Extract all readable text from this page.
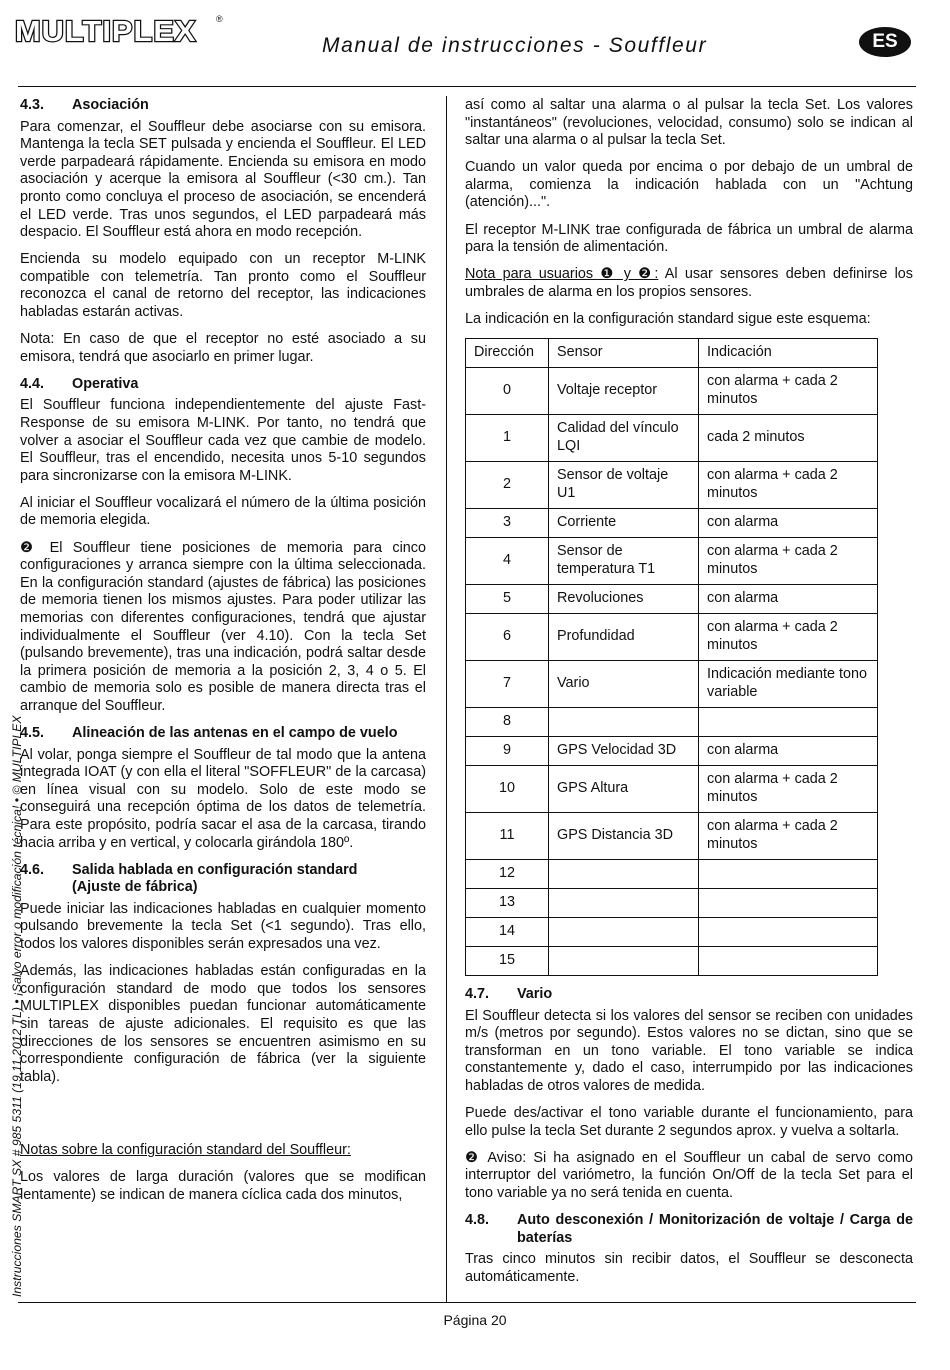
MULTIPLEX ®
Manual de instrucciones - Souffleur	ES
Instrucciones SMART SX # 985 5311 (19.11.2012 TL) • ¡Salvo error o modificación técnica! • © MULTIPLEX
4.3.	Asociación

Para comenzar, el Souffleur debe asociarse con su emisora. Mantenga la tecla SET pulsada y encienda el Souffleur. El LED verde parpadeará rápidamente. Encienda su emisora en modo asociación y acerque la emisora al Souffleur (<30 cm.). Tan pronto como concluya el proceso de asociación, se encenderá el LED verde. Tras unos segundos, el LED parpadeará más despacio. El Souffleur está ahora en modo recepción.

Encienda su modelo equipado con un receptor M-LINK compatible con telemetría. Tan pronto como el Souffleur reconozca el canal de retorno del receptor, las indicaciones habladas estarán activas.

Nota: En caso de que el receptor no esté asociado a su emisora, tendrá que asociarlo en primer lugar.

4.4.	Operativa

El Souffleur funciona independientemente del ajuste Fast-Response de su emisora M-LINK. Por tanto, no tendrá que volver a asociar el Souffleur cada vez que cambie de modelo. El Souffleur, tras el encendido, necesita unos 5-10 segundos para sincronizarse con la emisora M-LINK.

Al iniciar el Souffleur vocalizará el número de la última posición de memoria elegida.

❷ El Souffleur tiene posiciones de memoria para cinco configuraciones y arranca siempre con la última seleccionada. En la configuración standard (ajustes de fábrica) las posiciones de memoria tienen los mismos ajustes. Para poder utilizar las memorias con diferentes configuraciones, tendrá que ajustar individualmente el Souffleur (ver 4.10). Con la tecla Set (pulsando brevemente), tras una indicación, podrá saltar desde la primera posición de memoria a la posición 2, 3, 4 o 5. El cambio de memoria solo es posible de manera directa tras el arranque del Souffleur.

4.5.	Alineación de las antenas en el campo de vuelo

Al volar, ponga siempre el Souffleur de tal modo que la antena integrada IOAT (y con ella el literal "SOFFLEUR" de la carcasa) en línea visual con su modelo. Solo de este modo se conseguirá una recepción óptima de los datos de telemetría. Para este propósito, podría sacar el asa de la carcasa, tirando hacia arriba y en vertical, y colocarla girándola 180º.

4.6.	Salida hablada en configuración standard
(Ajuste de fábrica)

Puede iniciar las indicaciones habladas en cualquier momento pulsando brevemente la tecla Set (<1 segundo). Tras ello, todos los valores disponibles serán expresados una vez.

Además, las indicaciones habladas están configuradas en la configuración standard de modo que todos los sensores MULTIPLEX disponibles puedan funcionar automáticamente sin tareas de ajuste adicionales. El requisito es que las direcciones de los sensores se encuentren asimismo en su correspondiente configuración de fábrica (ver la siguiente tabla).

Notas sobre la configuración standard del Souffleur:

Los valores de larga duración (valores que se modifican lentamente) se indican de manera cíclica cada dos minutos,

así como al saltar una alarma o al pulsar la tecla Set. Los valores "instantáneos" (revoluciones, velocidad, consumo) solo se indican al saltar una alarma o al pulsar la tecla Set.

Cuando un valor queda por encima o por debajo de un umbral de alarma, comienza la indicación hablada con un "Achtung (atención)...".

El receptor M-LINK trae configurada de fábrica un umbral de alarma para la tensión de alimentación.

Nota para usuarios ❶ y ❷: Al usar sensores deben definirse los umbrales de alarma en los propios sensores.

La indicación en la configuración standard sigue este esquema:

Dirección	Sensor	Indicación
0	Voltaje receptor	con alarma + cada 2 minutos
1	Calidad del vínculo LQI	cada 2 minutos
2	Sensor de voltaje U1	con alarma + cada 2 minutos
3	Corriente	con alarma
4	Sensor de temperatura T1	con alarma + cada 2 minutos
5	Revoluciones	con alarma
6	Profundidad	con alarma + cada 2 minutos
7	Vario	Indicación mediante tono variable
8		
9	GPS Velocidad 3D	con alarma
10	GPS Altura	con alarma + cada 2 minutos
11	GPS Distancia 3D	con alarma + cada 2 minutos
12		
13		
14		
15		
4.7.	Vario

El Souffleur detecta si los valores del sensor se reciben con unidades m/s (metros por segundo). Estos valores no se dictan, sino que se transforman en un tono variable. El tono variable se indica constantemente y, dado el caso, interrumpido por las indicaciones habladas de otros valores de medida.

Puede des/activar el tono variable durante el funcionamiento, para ello pulse la tecla Set durante 2 segundos aprox. y vuelva a soltarla.

❷ Aviso: Si ha asignado en el Souffleur un cabal de servo como interruptor del variómetro, la función On/Off de la tecla Set para el tono variable ya no será tenida en cuenta.

4.8.	Auto desconexión / Monitorización de voltaje / Carga de baterías

Tras cinco minutos sin recibir datos, el Souffleur se desconecta automáticamente.

Página 20
